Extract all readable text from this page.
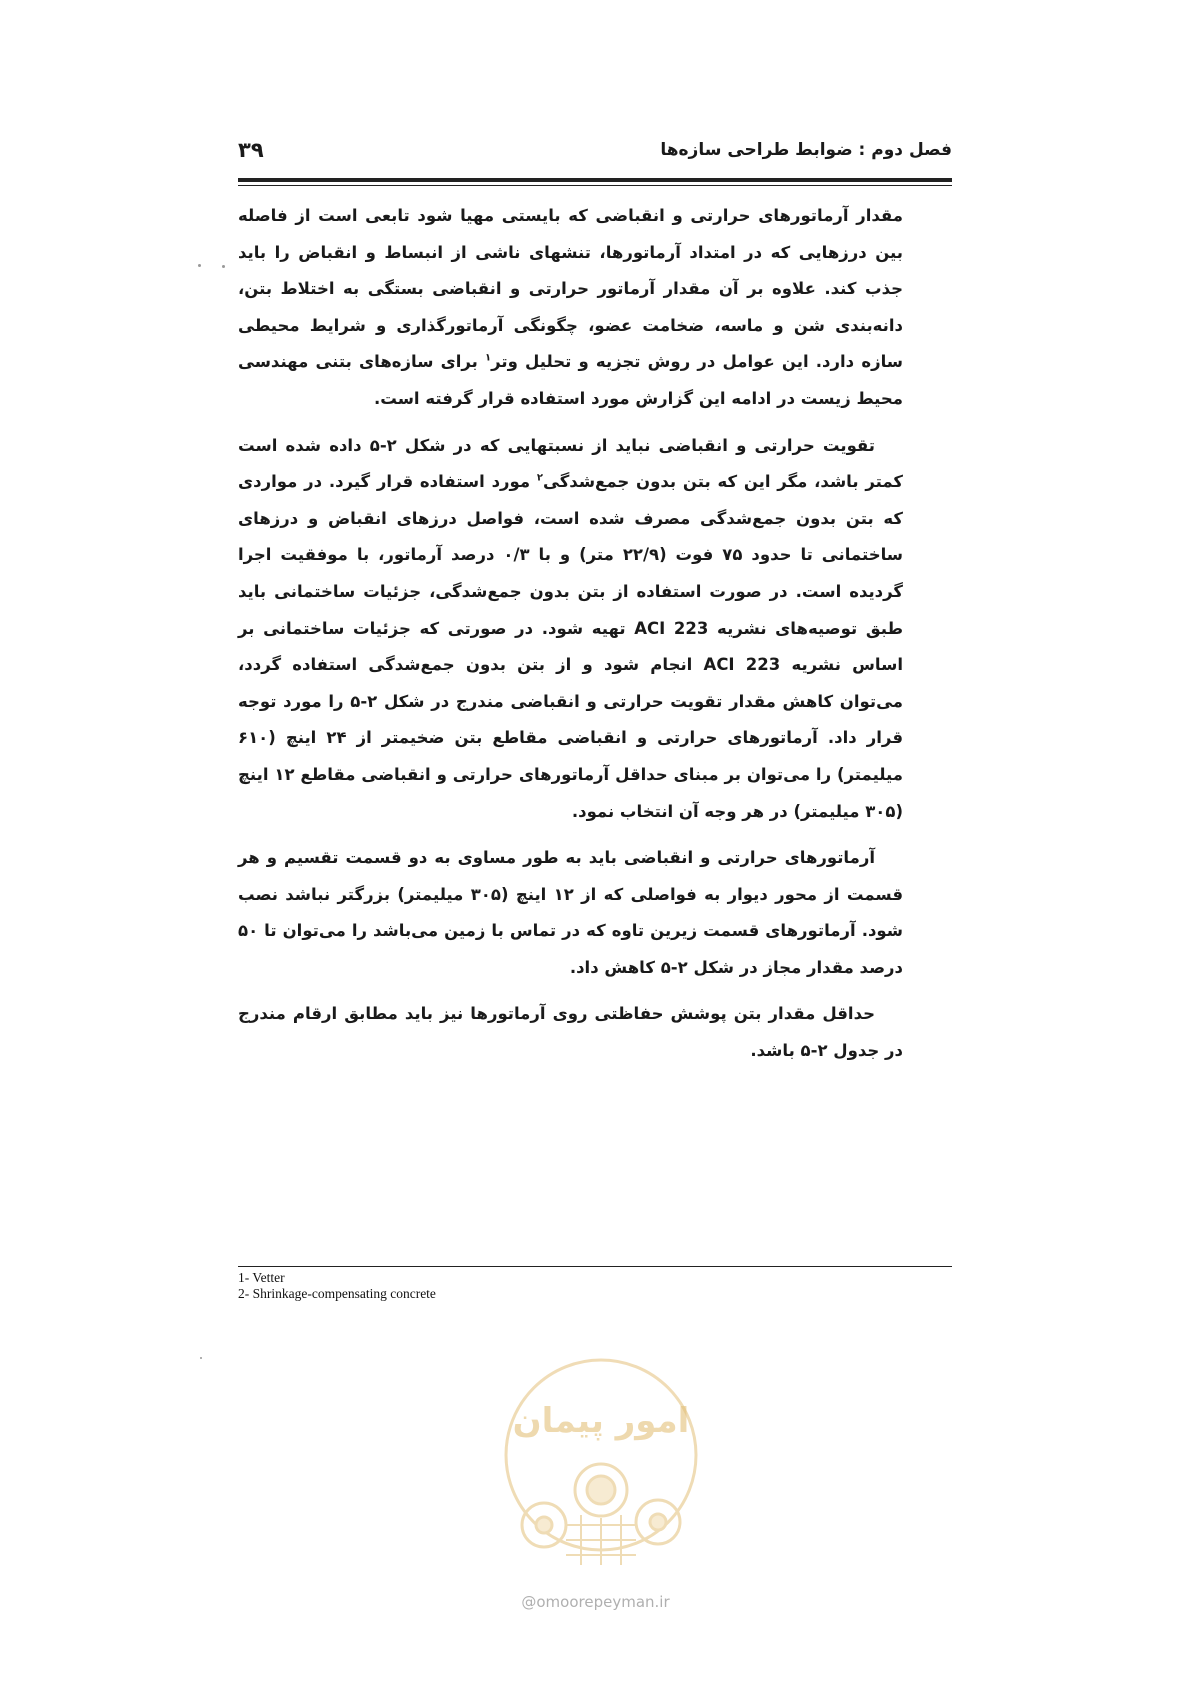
۳۹	فصل دوم : ضوابط طراحی سازه‌ها

مقدار آرماتورهای حرارتی و انقباضی که بایستی مهیا شود تابعی است از فاصله بین درزهایی که در امتداد آرماتورها، تنشهای ناشی از انبساط و انقباض را باید جذب کند. علاوه بر آن مقدار آرماتور حرارتی و انقباضی بستگی به اختلاط بتن، دانه‌بندی شن و ماسه، ضخامت عضو، چگونگی آرماتورگذاری و شرایط محیطی سازه دارد. این عوامل در روش تجزیه و تحلیل وتر$^۱$ برای سازه‌های بتنی مهندسی محیط زیست در ادامه این گزارش مورد استفاده قرار گرفته است.

تقویت حرارتی و انقباضی نباید از نسبتهایی که در شکل ۲-۵ داده شده است کمتر باشد، مگر این که بتن بدون جمع‌شدگی$^۲$ مورد استفاده قرار گیرد. در مواردی که بتن بدون جمع‌شدگی مصرف شده است، فواصل درزهای انقباض و درزهای ساختمانی تا حدود ۷۵ فوت (۲۲/۹ متر) و با ۰/۳ درصد آرماتور، با موفقیت اجرا گردیده است. در صورت استفاده از بتن بدون جمع‌شدگی، جزئیات ساختمانی باید طبق توصیه‌های نشریه ACI 223 تهیه شود. در صورتی که جزئیات ساختمانی بر اساس نشریه ACI 223 انجام شود و از بتن بدون جمع‌شدگی استفاده گردد، می‌توان کاهش مقدار تقویت حرارتی و انقباضی مندرج در شکل ۲-۵ را مورد توجه قرار داد. آرماتورهای حرارتی و انقباضی مقاطع بتن ضخیمتر از ۲۴ اینچ (۶۱۰ میلیمتر) را می‌توان بر مبنای حداقل آرماتورهای حرارتی و انقباضی مقاطع ۱۲ اینچ (۳۰۵ میلیمتر) در هر وجه آن انتخاب نمود.

آرماتورهای حرارتی و انقباضی باید به طور مساوی به دو قسمت تقسیم و هر قسمت از محور دیوار به فواصلی که از ۱۲ اینچ (۳۰۵ میلیمتر) بزرگتر نباشد نصب شود. آرماتورهای قسمت زیرین تاوه که در تماس با زمین می‌باشد را می‌توان تا ۵۰ درصد مقدار مجاز در شکل ۲-۵ کاهش داد.

حداقل مقدار بتن پوشش حفاظتی روی آرماتورها نیز باید مطابق ارقام مندرج در جدول ۲-۵ باشد.

1- Vetter
2- Shrinkage-compensating concrete
امور پیمان
@omoorepeyman.ir
